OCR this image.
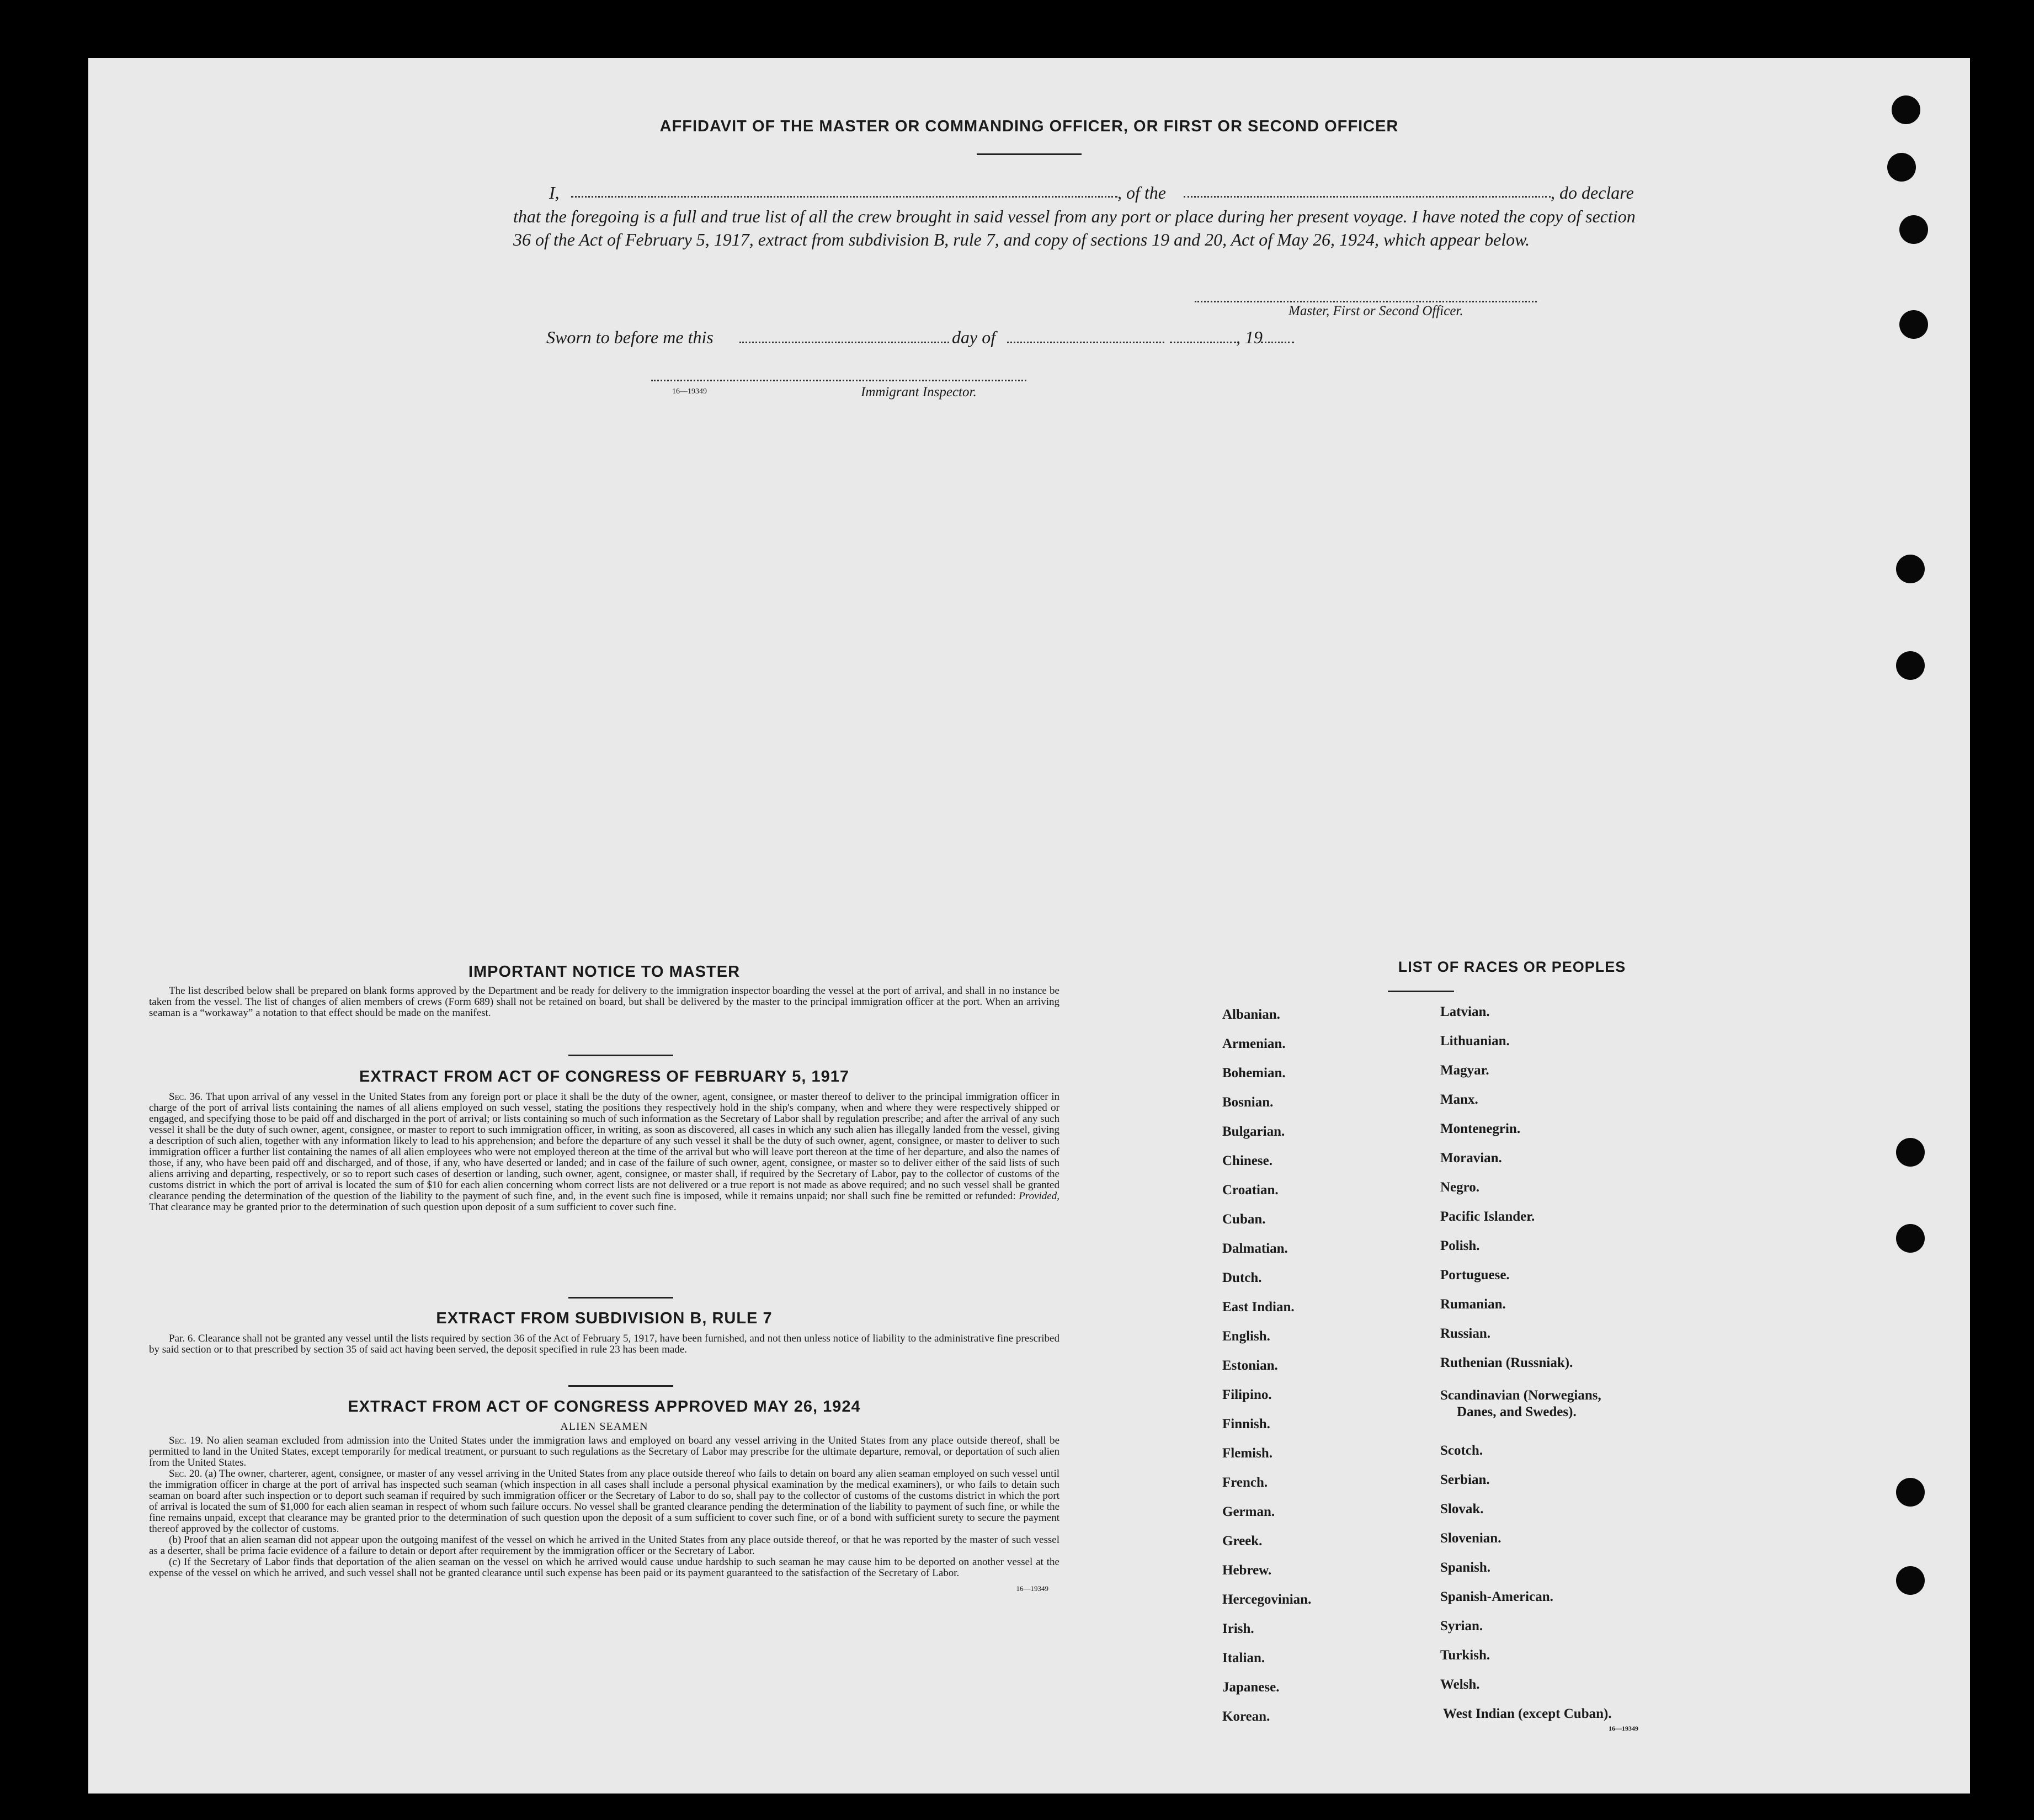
AFFIDAVIT OF THE MASTER OR COMMANDING OFFICER, OR FIRST OR SECOND OFFICER
I,	, of the	, do declare
that the foregoing is a full and true list of all the crew brought in said vessel from any port or place during her present voyage. I have noted the copy of section 36 of the Act of February 5, 1917, extract from subdivision B, rule 7, and copy of sections 19 and 20, Act of May 26, 1924, which appear below.
Master, First or Second Officer.
Sworn to before me this	day of	, 19
16—19349	Immigrant Inspector.
IMPORTANT NOTICE TO MASTER

The list described below shall be prepared on blank forms approved by the Department and be ready for delivery to the immigration inspector boarding the vessel at the port of arrival, and shall in no instance be taken from the vessel. The list of changes of alien members of crews (Form 689) shall not be retained on board, but shall be delivered by the master to the principal immigration officer at the port. When an arriving seaman is a “workaway” a notation to that effect should be made on the manifest.

EXTRACT FROM ACT OF CONGRESS OF FEBRUARY 5, 1917

Sec. 36. That upon arrival of any vessel in the United States from any foreign port or place it shall be the duty of the owner, agent, consignee, or master thereof to deliver to the principal immigration officer in charge of the port of arrival lists containing the names of all aliens employed on such vessel, stating the positions they respectively hold in the ship's company, when and where they were respectively shipped or engaged, and specifying those to be paid off and discharged in the port of arrival; or lists containing so much of such information as the Secretary of Labor shall by regulation prescribe; and after the arrival of any such vessel it shall be the duty of such owner, agent, consignee, or master to report to such immigration officer, in writing, as soon as discovered, all cases in which any such alien has illegally landed from the vessel, giving a description of such alien, together with any information likely to lead to his apprehension; and before the departure of any such vessel it shall be the duty of such owner, agent, consignee, or master to deliver to such immigration officer a further list containing the names of all alien employees who were not employed thereon at the time of the arrival but who will leave port thereon at the time of her departure, and also the names of those, if any, who have been paid off and discharged, and of those, if any, who have deserted or landed; and in case of the failure of such owner, agent, consignee, or master so to deliver either of the said lists of such aliens arriving and departing, respectively, or so to report such cases of desertion or landing, such owner, agent, consignee, or master shall, if required by the Secretary of Labor, pay to the collector of customs of the customs district in which the port of arrival is located the sum of $10 for each alien concerning whom correct lists are not delivered or a true report is not made as above required; and no such vessel shall be granted clearance pending the determination of the question of the liability to the payment of such fine, and, in the event such fine is imposed, while it remains unpaid; nor shall such fine be remitted or refunded: Provided, That clearance may be granted prior to the determination of such question upon deposit of a sum sufficient to cover such fine.

EXTRACT FROM SUBDIVISION B, RULE 7

Par. 6. Clearance shall not be granted any vessel until the lists required by section 36 of the Act of February 5, 1917, have been furnished, and not then unless notice of liability to the administrative fine prescribed by said section or to that prescribed by section 35 of said act having been served, the deposit specified in rule 23 has been made.

EXTRACT FROM ACT OF CONGRESS APPROVED MAY 26, 1924
ALIEN SEAMEN

Sec. 19. No alien seaman excluded from admission into the United States under the immigration laws and employed on board any vessel arriving in the United States from any place outside thereof, shall be permitted to land in the United States, except temporarily for medical treatment, or pursuant to such regulations as the Secretary of Labor may prescribe for the ultimate departure, removal, or deportation of such alien from the United States.

Sec. 20. (a) The owner, charterer, agent, consignee, or master of any vessel arriving in the United States from any place outside thereof who fails to detain on board any alien seaman employed on such vessel until the immigration officer in charge at the port of arrival has inspected such seaman (which inspection in all cases shall include a personal physical examination by the medical examiners), or who fails to detain such seaman on board after such inspection or to deport such seaman if required by such immigration officer or the Secretary of Labor to do so, shall pay to the collector of customs of the customs district in which the port of arrival is located the sum of $1,000 for each alien seaman in respect of whom such failure occurs. No vessel shall be granted clearance pending the determination of the liability to payment of such fine, or while the fine remains unpaid, except that clearance may be granted prior to the determination of such question upon the deposit of a sum sufficient to cover such fine, or of a bond with sufficient surety to secure the payment thereof approved by the collector of customs.

(b) Proof that an alien seaman did not appear upon the outgoing manifest of the vessel on which he arrived in the United States from any place outside thereof, or that he was reported by the master of such vessel as a deserter, shall be prima facie evidence of a failure to detain or deport after requirement by the immigration officer or the Secretary of Labor.

(c) If the Secretary of Labor finds that deportation of the alien seaman on the vessel on which he arrived would cause undue hardship to such seaman he may cause him to be deported on another vessel at the expense of the vessel on which he arrived, and such vessel shall not be granted clearance until such expense has been paid or its payment guaranteed to the satisfaction of the Secretary of Labor.

16—19349
LIST OF RACES OR PEOPLES
Albanian.
Armenian.
Bohemian.
Bosnian.
Bulgarian.
Chinese.
Croatian.
Cuban.
Dalmatian.
Dutch.
East Indian.
English.
Estonian.
Filipino.
Finnish.
Flemish.
French.
German.
Greek.
Hebrew.
Hercegovinian.
Irish.
Italian.
Japanese.
Korean.
Latvian.
Lithuanian.
Magyar.
Manx.
Montenegrin.
Moravian.
Negro.
Pacific Islander.
Polish.
Portuguese.
Rumanian.
Russian.
Ruthenian (Russniak).
Scandinavian (Norwegians,
Danes, and Swedes).
Scotch.
Serbian.
Slovak.
Slovenian.
Spanish.
Spanish-American.
Syrian.
Turkish.
Welsh.
West Indian (except Cuban).
16—19349
